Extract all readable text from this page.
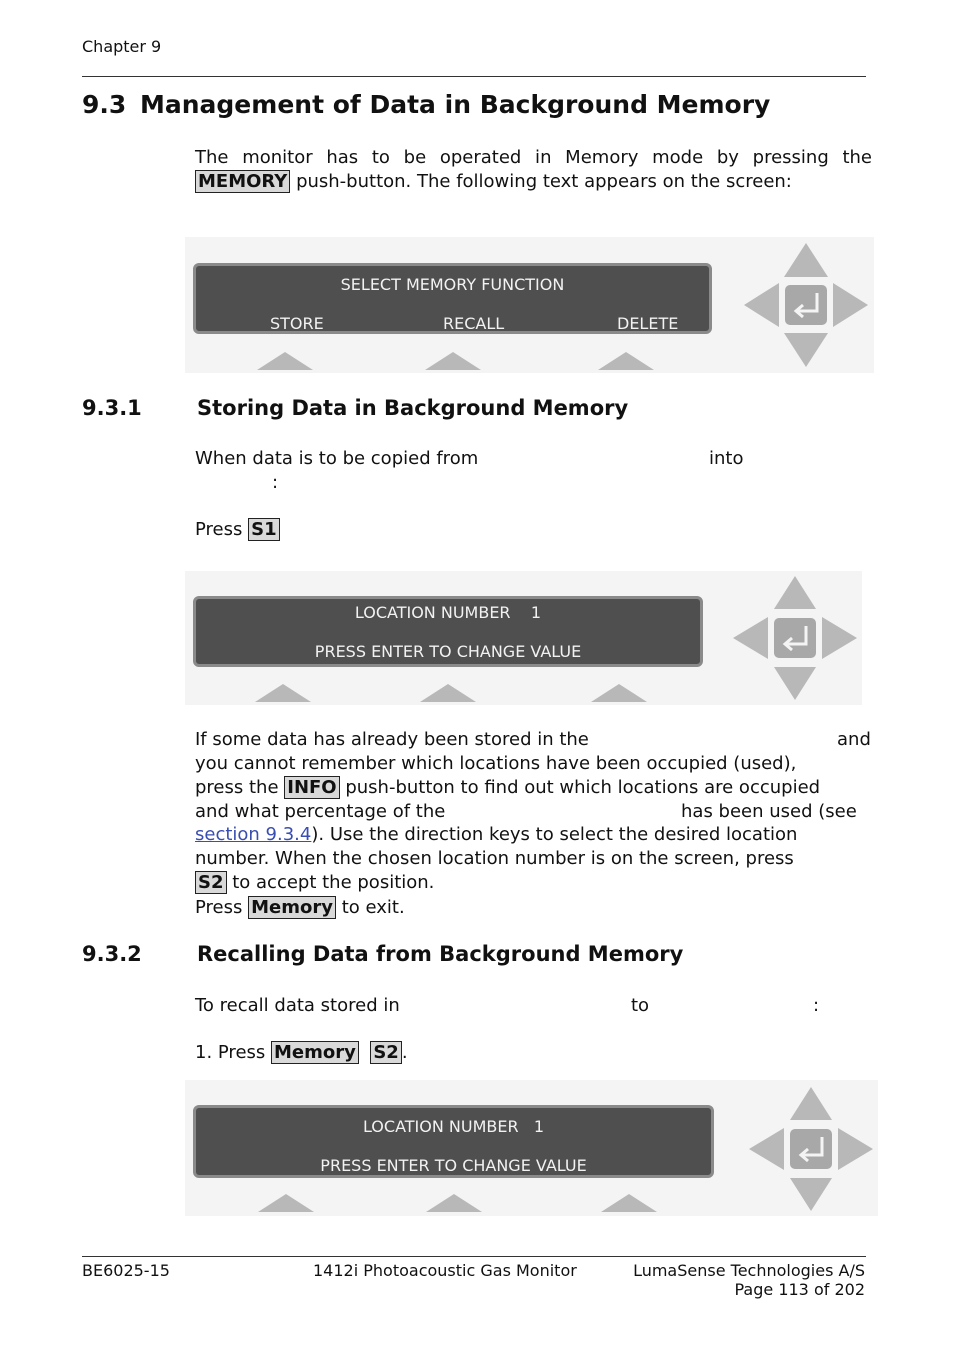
Chapter 9
9.3 Management of Data in Background Memory
The monitor has to be operated in Memory mode by pressing the MEMORY push-button. The following text appears on the screen:
SELECT MEMORY FUNCTION
STORE	RECALL	DELETE
9.3.1	Storing Data in Background Memory
When data is to be copied from	into
:
Press S1
LOCATION NUMBER    1
PRESS ENTER TO CHANGE VALUE
If some data has already been stored in the	and
you cannot remember which locations have been occupied (used),
press the INFO push-button to find out which locations are occupied
and what percentage of the	has been used (see
section 9.3.4). Use the direction keys to select the desired location
number. When the chosen location number is on the screen, press
S2 to accept the position.
Press Memory to exit.
9.3.2	Recalling Data from Background Memory
To recall data stored in	to	:
1. Press Memory S2 .
LOCATION NUMBER   1
PRESS ENTER TO CHANGE VALUE
BE6025-15	1412i Photoacoustic Gas Monitor	LumaSense Technologies A/S
Page 113 of 202
